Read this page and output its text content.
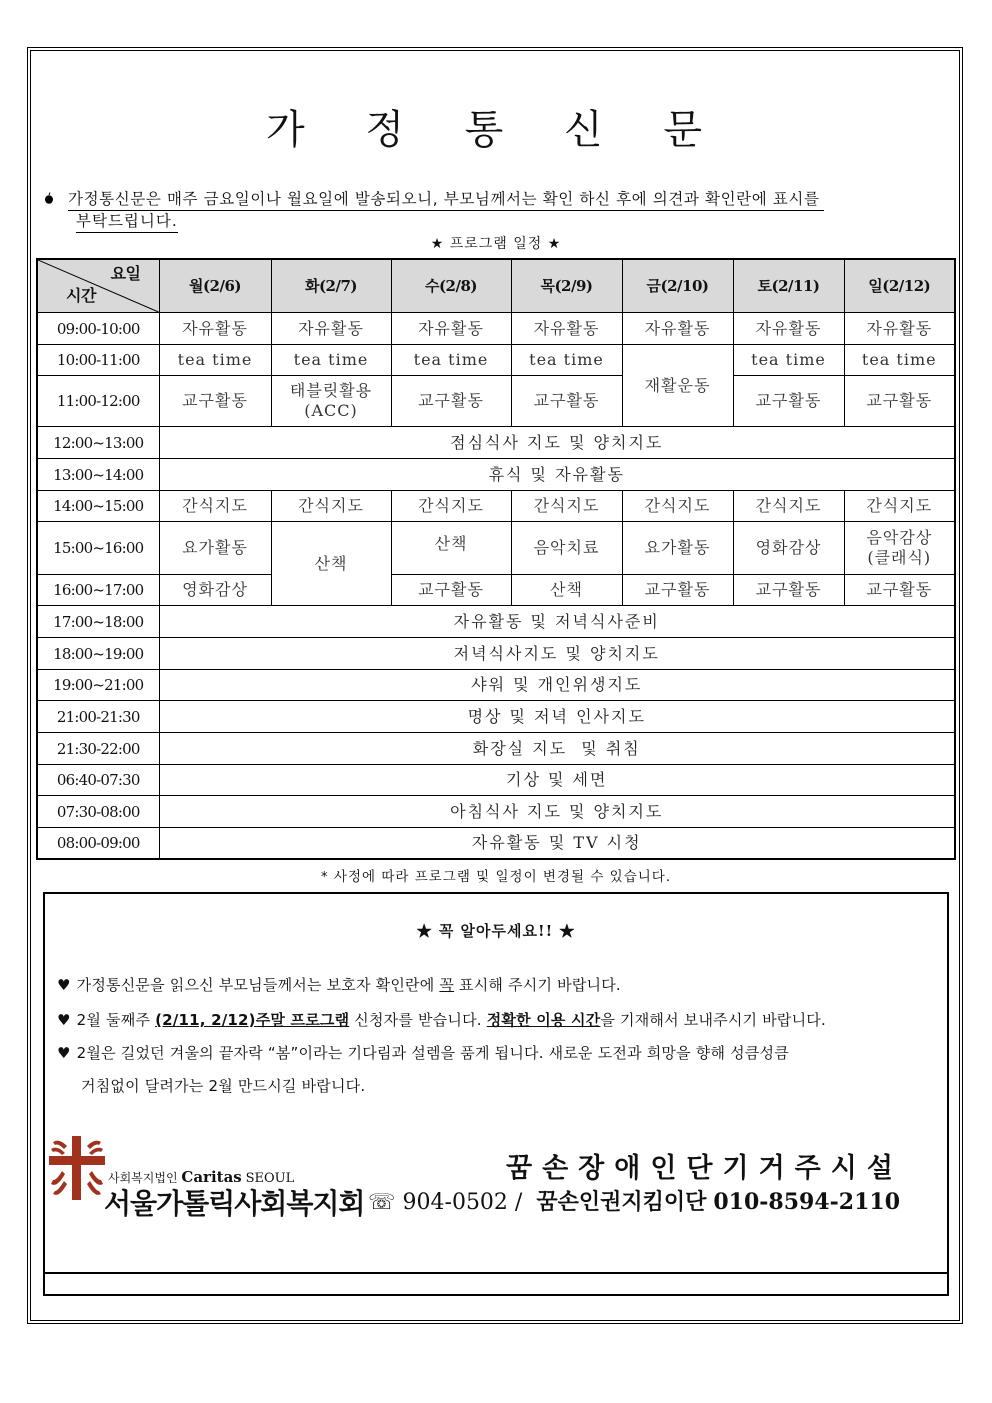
가 정 통 신 문
가정통신문은 매주 금요일이나 월요일에 발송되오니, 부모님께서는 확인 하신 후에 의견과 확인란에 표시를
부탁드립니다.
★ 프로그램 일정 ★
요일
시간	월(2/6)	화(2/7)	수(2/8)	목(2/9)	금(2/10)	토(2/11)	일(2/12)
09:00-10:00	자유활동	자유활동	자유활동	자유활동	자유활동	자유활동	자유활동
10:00-11:00	tea time	tea time	tea time	tea time	재활운동	tea time	tea time
11:00-12:00	교구활동	태블릿활용 (ACC)	교구활동	교구활동		교구활동	교구활동
12:00~13:00	점심식사 지도 및 양치지도						
13:00~14:00	휴식 및 자유활동						
14:00~15:00	간식지도	간식지도	간식지도	간식지도	간식지도	간식지도	간식지도
15:00~16:00	요가활동	산책	산책	음악치료	요가활동	영화감상	음악감상 (클래식)
16:00~17:00	영화감상		교구활동	산책	교구활동	교구활동	교구활동
17:00~18:00	자유활동 및 저녁식사준비						
18:00~19:00	저녁식사지도 및 양치지도						
19:00~21:00	샤워 및 개인위생지도						
21:00-21:30	명상 및 저녁 인사지도						
21:30-22:00	화장실 지도  및 취침						
06:40-07:30	기상 및 세면						
07:30-08:00	아침식사 지도 및 양치지도						
08:00-09:00	자유활동 및 TV 시청						
* 사정에 따라 프로그램 및 일정이 변경될 수 있습니다.
★ 꼭 알아두세요!! ★
♥ 가정통신문을 읽으신 부모님들께서는 보호자 확인란에 꼭 표시해 주시기 바랍니다.
♥ 2월 둘째주 (2/11, 2/12)주말 프로그램 신청자를 받습니다. 정확한 이용 시간을 기재해서 보내주시기 바랍니다.
♥ 2월은 길었던 겨울의 끝자락 “봄”이라는 기다림과 설렘을 품게 됩니다. 새로운 도전과 희망을 향해 성큼성큼
거침없이 달려가는 2월 만드시길 바랍니다.
사회복지법인 Caritas SEOUL
서울가톨릭사회복지회
꿈손장애인단기거주시설
☏ 904-0502 / 꿈손인권지킴이단 010-8594-2110
